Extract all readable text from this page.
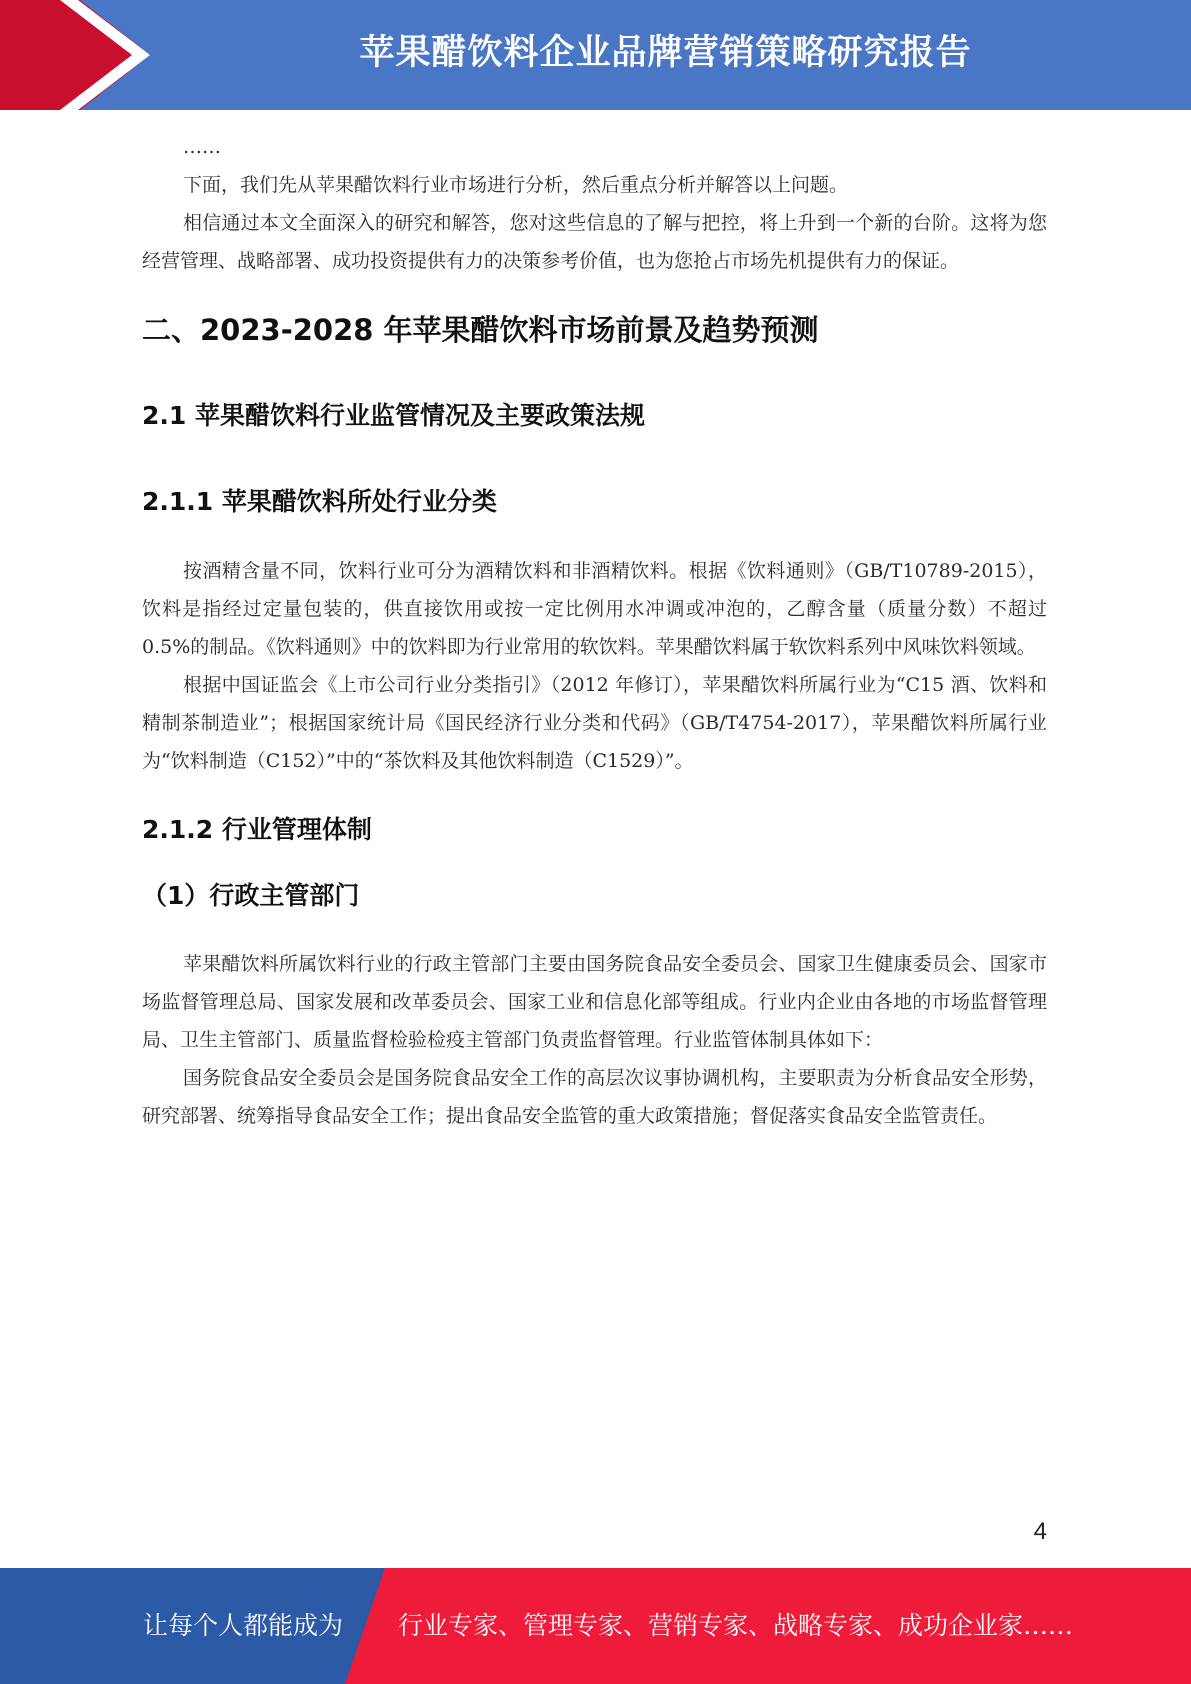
苹果醋饮料企业品牌营销策略研究报告

……

下面，我们先从苹果醋饮料行业市场进行分析，然后重点分析并解答以上问题。

相信通过本文全面深入的研究和解答，您对这些信息的了解与把控，将上升到一个新的台阶。这将为您经营管理、战略部署、成功投资提供有力的决策参考价值，也为您抢占市场先机提供有力的保证。

二、2023-2028 年苹果醋饮料市场前景及趋势预测
2.1 苹果醋饮料行业监管情况及主要政策法规
2.1.1 苹果醋饮料所处行业分类

按酒精含量不同，饮料行业可分为酒精饮料和非酒精饮料。根据《饮料通则》（GB/T10789-2015），饮料是指经过定量包装的，供直接饮用或按一定比例用水冲调或冲泡的，乙醇含量（质量分数）不超过 0.5%的制品。《饮料通则》中的饮料即为行业常用的软饮料。苹果醋饮料属于软饮料系列中风味饮料领域。

根据中国证监会《上市公司行业分类指引》（2012 年修订），苹果醋饮料所属行业为“C15 酒、饮料和精制茶制造业”；根据国家统计局《国民经济行业分类和代码》（GB/T4754-2017），苹果醋饮料所属行业为“饮料制造（C152）”中的“茶饮料及其他饮料制造（C1529）”。

2.1.2 行业管理体制
（1）行政主管部门

苹果醋饮料所属饮料行业的行政主管部门主要由国务院食品安全委员会、国家卫生健康委员会、国家市场监督管理总局、国家发展和改革委员会、国家工业和信息化部等组成。行业内企业由各地的市场监督管理局、卫生主管部门、质量监督检验检疫主管部门负责监督管理。行业监管体制具体如下：

国务院食品安全委员会是国务院食品安全工作的高层次议事协调机构，主要职责为分析食品安全形势，研究部署、统筹指导食品安全工作；提出食品安全监管的重大政策措施；督促落实食品安全监管责任。

4
让每个人都能成为 行业专家、管理专家、营销专家、战略专家、成功企业家……
